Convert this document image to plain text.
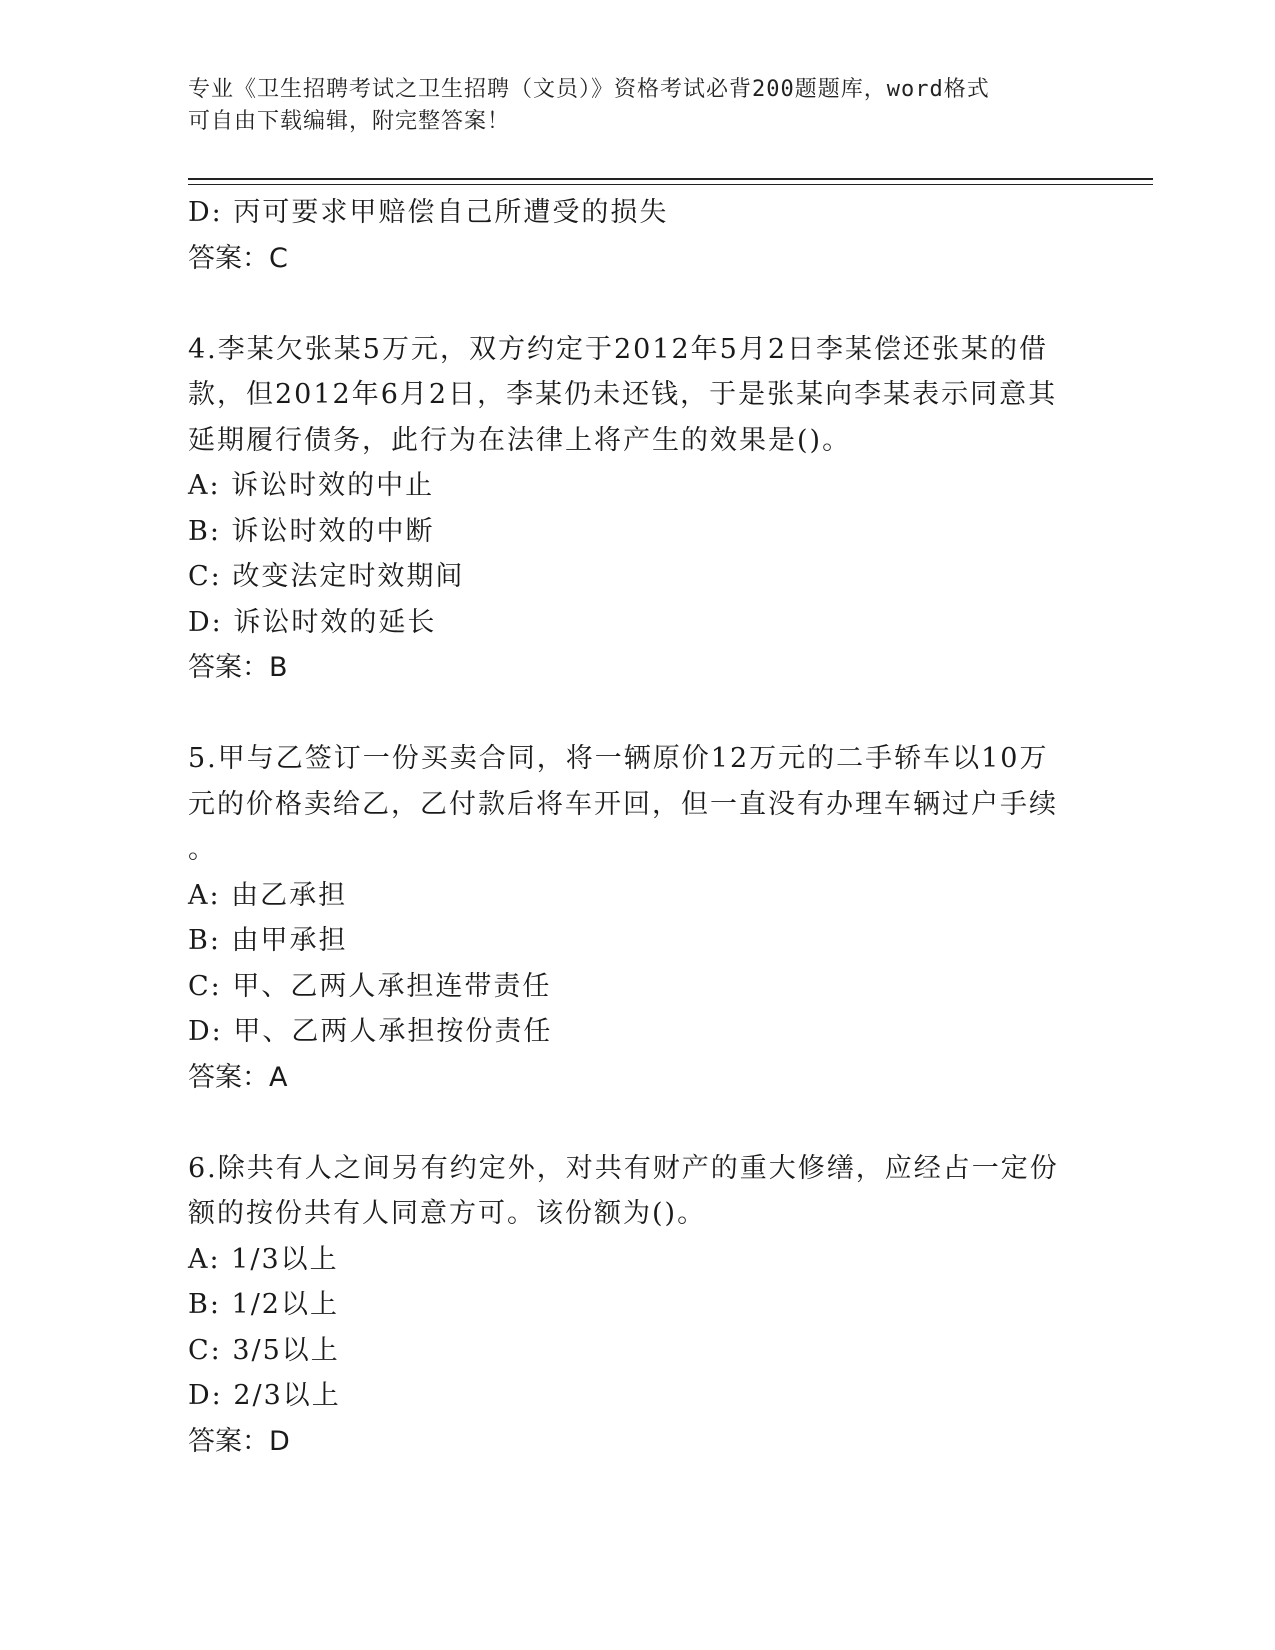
专业《卫生招聘考试之卫生招聘（文员）》资格考试必背200题题库，word格式
可自由下载编辑，附完整答案！
D: 丙可要求甲赔偿自己所遭受的损失
答案：C
4.李某欠张某5万元，双方约定于2012年5月2日李某偿还张某的借
款，但2012年6月2日，李某仍未还钱，于是张某向李某表示同意其
延期履行债务，此行为在法律上将产生的效果是()。
A: 诉讼时效的中止
B: 诉讼时效的中断
C: 改变法定时效期间
D: 诉讼时效的延长
答案：B
5.甲与乙签订一份买卖合同，将一辆原价12万元的二手轿车以10万
元的价格卖给乙，乙付款后将车开回，但一直没有办理车辆过户手续
。
A: 由乙承担
B: 由甲承担
C: 甲、乙两人承担连带责任
D: 甲、乙两人承担按份责任
答案：A
6.除共有人之间另有约定外，对共有财产的重大修缮，应经占一定份
额的按份共有人同意方可。该份额为()。
A: 1/3以上
B: 1/2以上
C: 3/5以上
D: 2/3以上
答案：D
